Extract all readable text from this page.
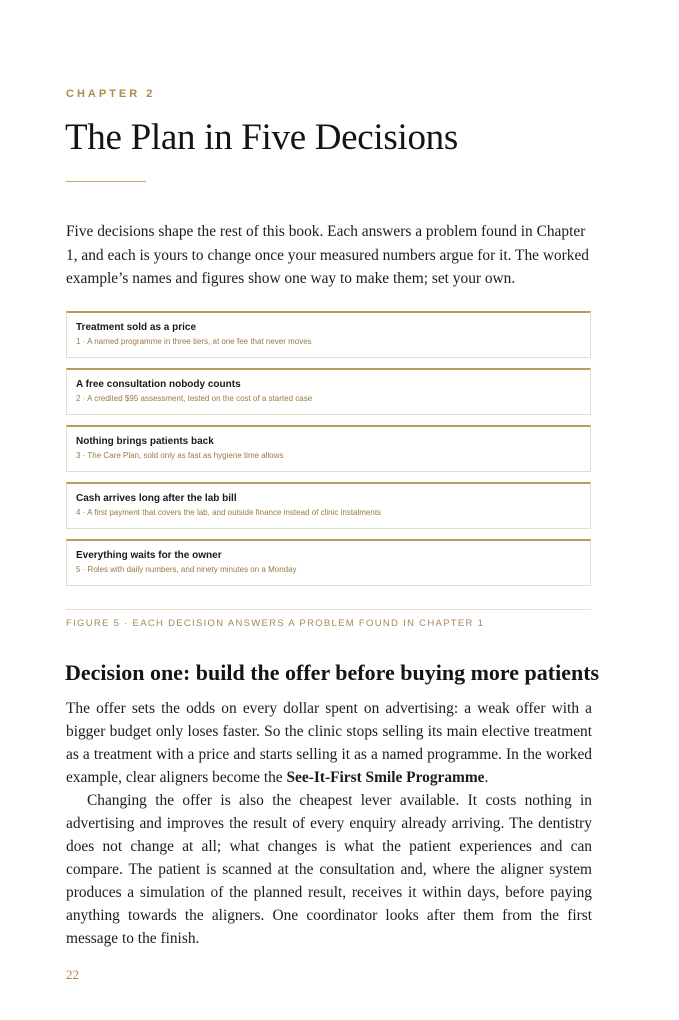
CHAPTER 2
The Plan in Five Decisions

Five decisions shape the rest of this book. Each answers a problem found in Chapter 1, and each is yours to change once your measured numbers argue for it. The worked example’s names and figures show one way to make them; set your own.

Treatment sold as a price
1 · A named programme in three tiers, at one fee that never moves
A free consultation nobody counts
2 · A credited $95 assessment, tested on the cost of a started case
Nothing brings patients back
3 · The Care Plan, sold only as fast as hygiene time allows
Cash arrives long after the lab bill
4 · A first payment that covers the lab, and outside finance instead of clinic instalments
Everything waits for the owner
5 · Roles with daily numbers, and ninety minutes on a Monday
FIGURE 5 · EACH DECISION ANSWERS A PROBLEM FOUND IN CHAPTER 1
Decision one: build the offer before buying more patients

The offer sets the odds on every dollar spent on advertising: a weak offer with a bigger budget only loses faster. So the clinic stops selling its main elective treatment as a treatment with a price and starts selling it as a named programme. In the worked example, clear aligners become the See-It-First Smile Programme.

Changing the offer is also the cheapest lever available. It costs nothing in advertising and improves the result of every enquiry already arriving. The dentistry does not change at all; what changes is what the patient experiences and can compare. The patient is scanned at the consultation and, where the aligner system produces a simulation of the planned result, receives it within days, before paying anything towards the aligners. One coordinator looks after them from the first message to the finish.

22
